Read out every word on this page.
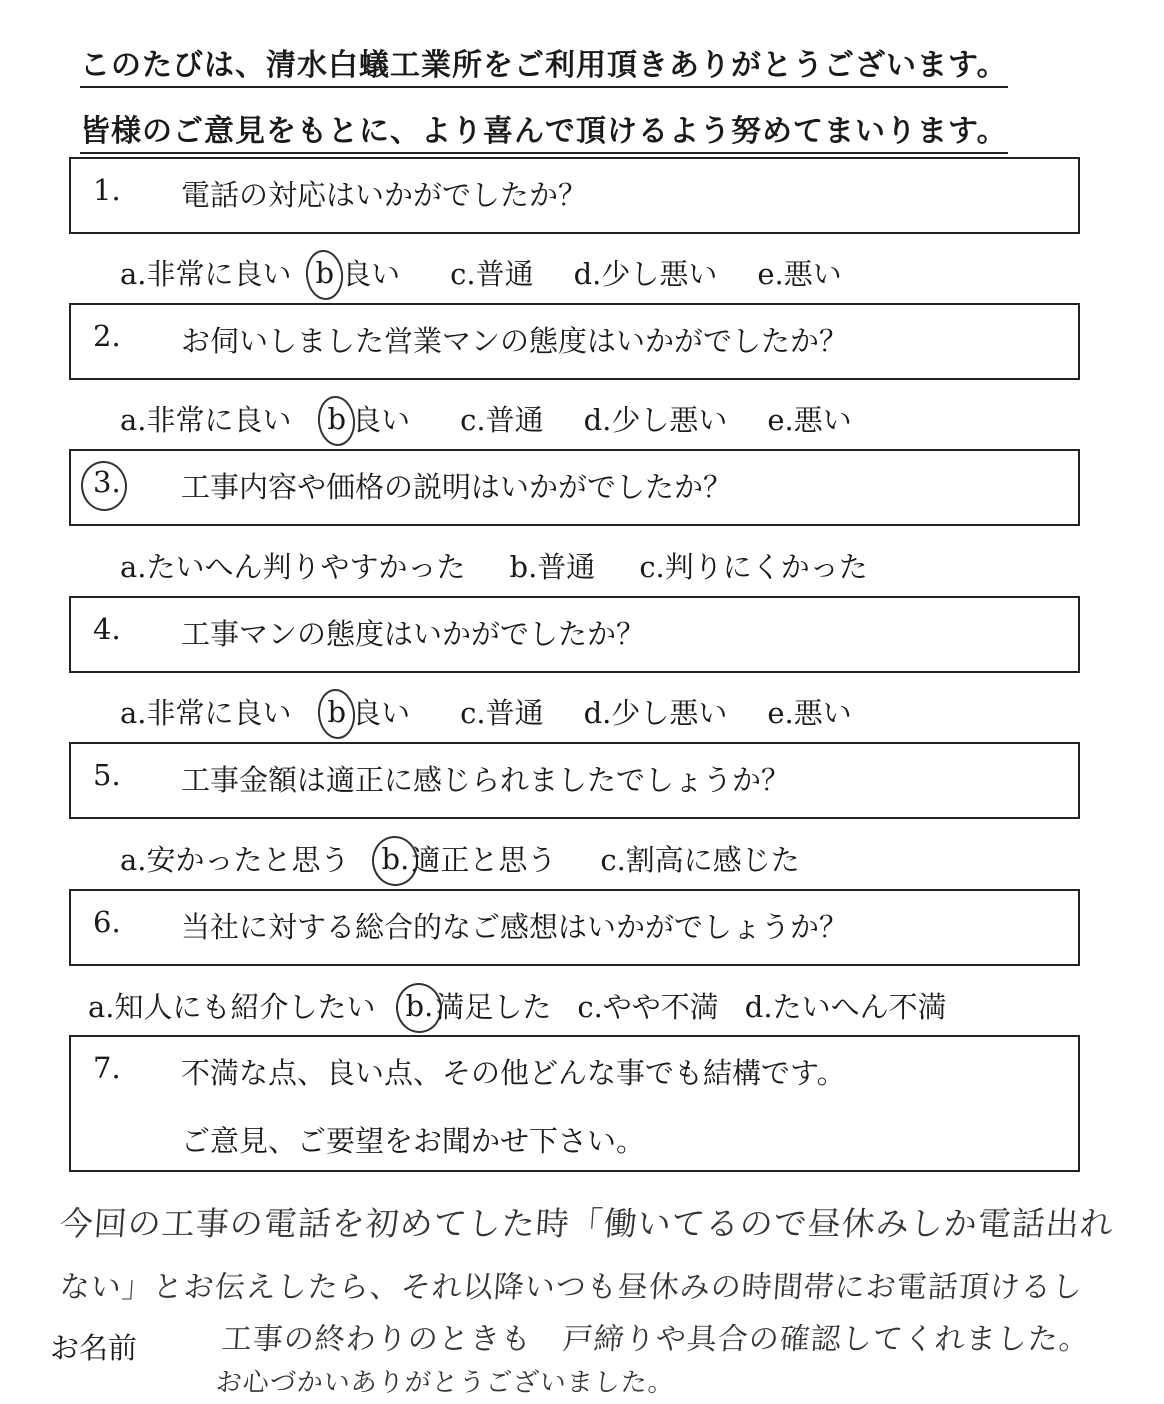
このたびは、清水白蟻工業所をご利用頂きありがとうございます。
皆様のご意見をもとに、より喜んで頂けるよう努めてまいります。
1. 電話の対応はいかがでしたか？
a.非常に良い b 良い c.普通 d.少し悪い e.悪い
2. お伺いしました営業マンの態度はいかがでしたか？
a.非常に良い b 良い c.普通 d.少し悪い e.悪い
3. 工事内容や価格の説明はいかがでしたか？
a.たいへん判りやすかった b.普通 c.判りにくかった
4. 工事マンの態度はいかがでしたか？
a.非常に良い b 良い c.普通 d.少し悪い e.悪い
5. 工事金額は適正に感じられましたでしょうか？
a.安かったと思う b. 適正と思う c.割高に感じた
6. 当社に対する総合的なご感想はいかがでしょうか？
a.知人にも紹介したい b. 満足した c.やや不満 d.たいへん不満
7. 不満な点、良い点、その他どんな事でも結構です。
ご意見、ご要望をお聞かせ下さい。
今回の工事の電話を初めてした時「働いてるので昼休みしか電話出れ
ない」とお伝えしたら、それ以降いつも昼休みの時間帯にお電話頂けるし
お名前	工事の終わりのときも　戸締りや具合の確認してくれました。
お心づかいありがとうございました。
